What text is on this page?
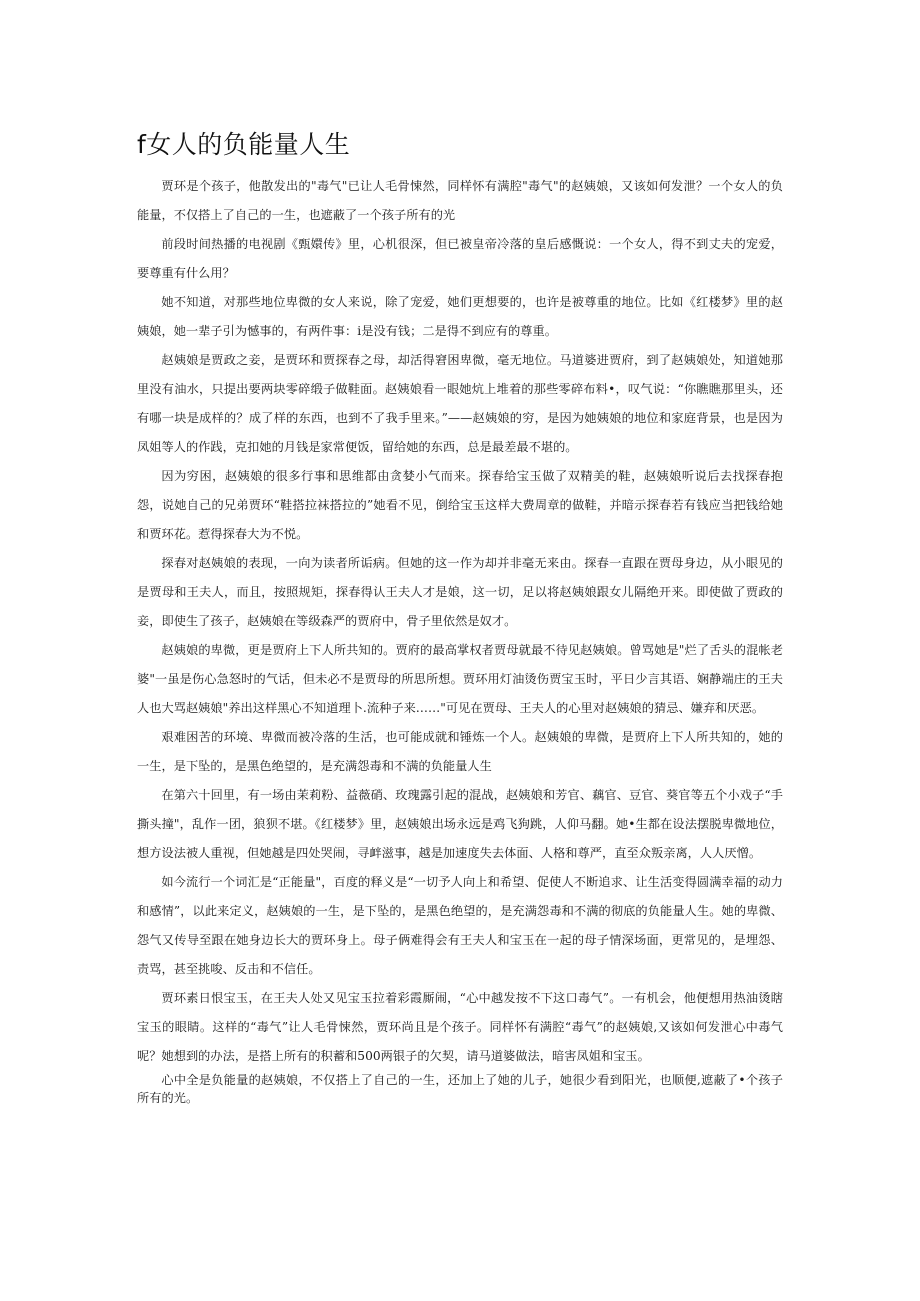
f女人的负能量人生

贾环是个孩子，他散发出的"毒气"已让人毛骨悚然，同样怀有满腔"毒气"的赵姨娘，又该如何发泄？一个女人的负能量，不仅搭上了自己的一生，也遮蔽了一个孩子所有的光

前段时间热播的电视剧《甄嬛传》里，心机很深，但已被皇帝冷落的皇后感慨说：一个女人，得不到丈夫的宠爱，要尊重有什么用？

她不知道，对那些地位卑微的女人来说，除了宠爱，她们更想要的，也许是被尊重的地位。比如《红楼梦》里的赵姨娘，她一辈子引为憾事的，有两件事：i是没有钱；二是得不到应有的尊重。

赵姨娘是贾政之妾，是贾环和贾探春之母，却活得窘困卑微，毫无地位。马道婆进贾府，到了赵姨娘处，知道她那里没有油水，只提出要两块零碎缎子做鞋面。赵姨娘看一眼她炕上堆着的那些零碎布料•，叹气说：“你瞧瞧那里头，还有哪一块是成样的？成了样的东西，也到不了我手里来。”——赵姨娘的穷，是因为她姨娘的地位和家庭背景，也是因为凤姐等人的作践，克扣她的月钱是家常便饭，留给她的东西，总是最差最不堪的。

因为穷困，赵姨娘的很多行事和思维都由贪婪小气而来。探春给宝玉做了双精美的鞋，赵姨娘听说后去找探春抱怨，说她自己的兄弟贾环“鞋搭拉袜搭拉的”她看不见，倒给宝玉这样大费周章的做鞋，并暗示探春若有钱应当把钱给她和贾环花。惹得探春大为不悦。

探春对赵姨娘的表现，一向为读者所诟病。但她的这一作为却并非毫无来由。探春一直跟在贾母身边，从小眼见的是贾母和王夫人，而且，按照规矩，探春得认王夫人才是娘，这一切，足以将赵姨娘跟女儿隔绝开来。即使做了贾政的妾，即使生了孩子，赵姨娘在等级森严的贾府中，骨子里依然是奴才。

赵姨娘的卑微，更是贾府上下人所共知的。贾府的最高掌权者贾母就最不待见赵姨娘。曾骂她是"烂了舌头的混帐老婆"一虽是伤心急怒时的气话，但未必不是贾母的所思所想。贾环用灯油烫伤贾宝玉时，平日少言其语、娴静端庄的王夫人也大骂赵姨娘"养出这样黑心不知道理卜.流种子来……"可见在贾母、王夫人的心里对赵姨娘的猜忌、嫌弃和厌恶。

艰难困苦的环境、卑微而被冷落的生活，也可能成就和锤炼一个人。赵姨娘的卑微，是贾府上下人所共知的，她的一生，是下坠的，是黑色绝望的，是充满怨毒和不满的负能量人生

在第六十回里，有一场由茉莉粉、益薇硝、玫瑰露引起的混战，赵姨娘和芳官、藕官、豆官、葵官等五个小戏子“手撕头撞"，乱作一团，狼狈不堪。《红楼梦》里，赵姨娘出场永远是鸡飞狗跳，人仰马翻。她•生都在设法摆脱卑微地位，想方设法被人重视，但她越是四处哭闹，寻衅滋事，越是加速度失去体面、人格和尊严，直至众叛亲离，人人厌憎。

如今流行一个词汇是“正能量"，百度的释义是“一切予人向上和希望、促使人不断追求、让生活变得圆满幸福的动力和感情”，以此来定义，赵姨娘的一生，是下坠的，是黑色绝望的，是充满怨毒和不满的彻底的负能量人生。她的卑微、怨气又传导至跟在她身边长大的贾环身上。母子俩难得会有王夫人和宝玉在一起的母子情深场面，更常见的，是埋怨、责骂，甚至挑唆、反击和不信任。

贾环素日恨宝玉，在王夫人处又见宝玉拉着彩霞厮闹，“心中越发按不下这口毒气”。一有机会，他便想用热油烫瞎宝玉的眼睛。这样的“毒气”让人毛骨悚然，贾环尚且是个孩子。同样怀有满腔“毒气”的赵姨娘,又该如何发泄心中毒气呢？她想到的办法，是搭上所有的积蓄和500两银子的欠契，请马道婆做法，暗害凤姐和宝玉。

心中全是负能量的赵姨娘，不仅搭上了自己的一生，还加上了她的儿子，她很少看到阳光，也顺便,遮蔽了•个孩子所有的光。
